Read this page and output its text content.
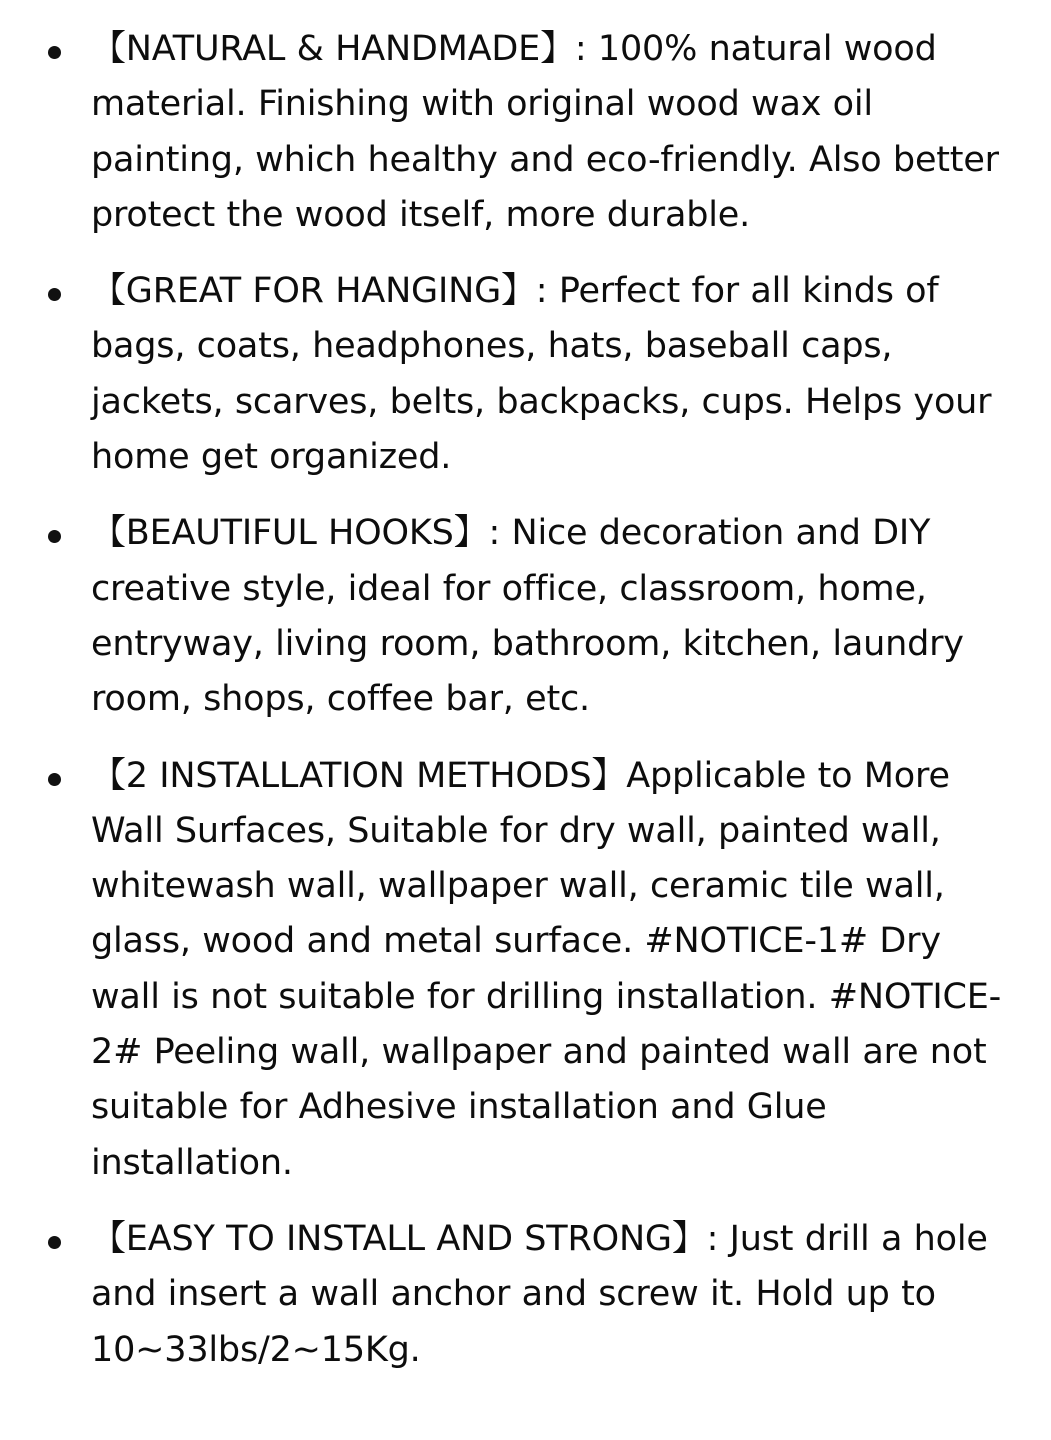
【NATURAL & HANDMADE】: 100% natural wood material. Finishing with original wood wax oil painting, which healthy and eco-friendly. Also better protect the wood itself, more durable.
【GREAT FOR HANGING】: Perfect for all kinds of bags, coats, headphones, hats, baseball caps, jackets, scarves, belts, backpacks, cups. Helps your home get organized.
【BEAUTIFUL HOOKS】: Nice decoration and DIY creative style, ideal for office, classroom, home, entryway, living room, bathroom, kitchen, laundry room, shops, coffee bar, etc.
【2 INSTALLATION METHODS】Applicable to More Wall Surfaces, Suitable for dry wall, painted wall, whitewash wall, wallpaper wall, ceramic tile wall, glass, wood and metal surface. #NOTICE-1# Dry wall is not suitable for drilling installation. #NOTICE-2# Peeling wall, wallpaper and painted wall are not suitable for Adhesive installation and Glue installation.
【EASY TO INSTALL AND STRONG】: Just drill a hole and insert a wall anchor and screw it. Hold up to 10~33lbs/2~15Kg.
